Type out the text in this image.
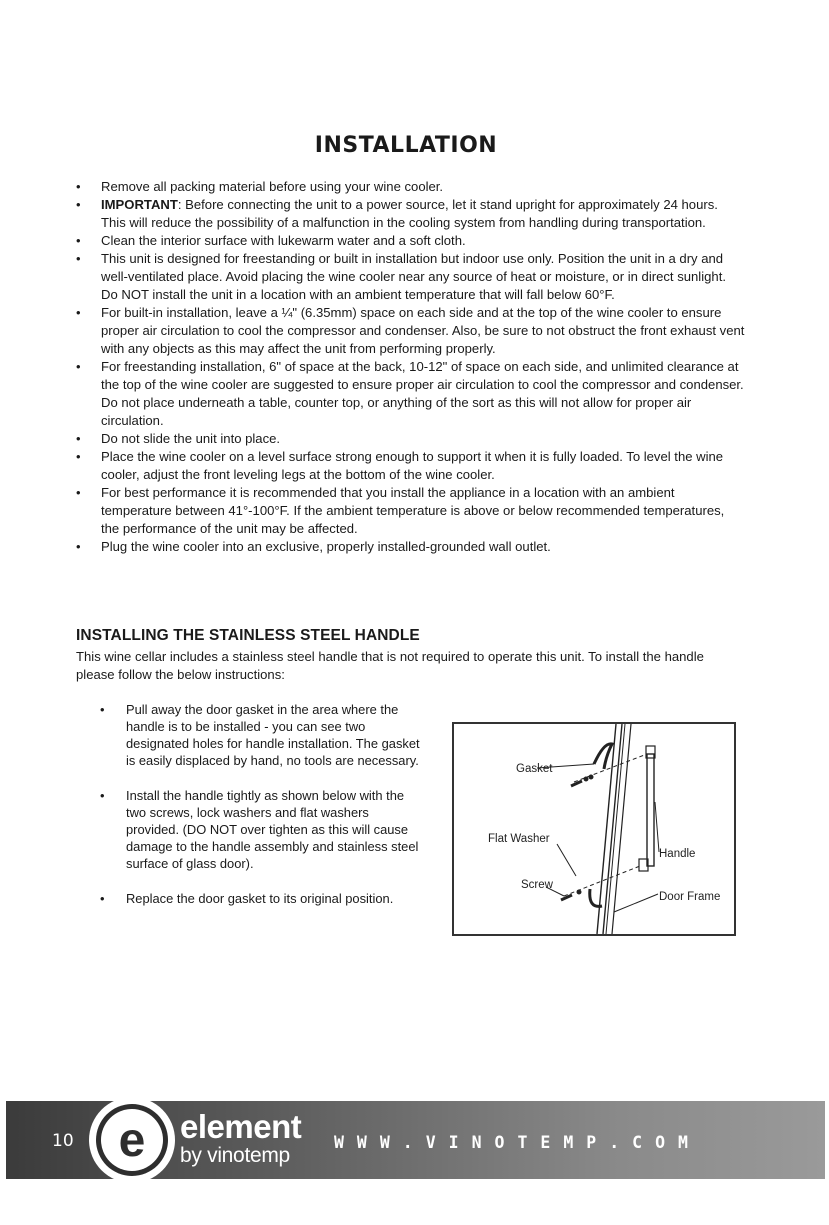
INSTALLATION
• Remove all packing material before using your wine cooler.
• IMPORTANT: Before connecting the unit to a power source, let it stand upright for approximately 24 hours. This will reduce the possibility of a malfunction in the cooling system from handling during transportation.
• Clean the interior surface with lukewarm water and a soft cloth.
• This unit is designed for freestanding or built in installation but indoor use only. Position the unit in a dry and well-ventilated place. Avoid placing the wine cooler near any source of heat or moisture, or in direct sunlight. Do NOT install the unit in a location with an ambient temperature that will fall below 60°F.
• For built-in installation, leave a ¼" (6.35mm) space on each side and at the top of the wine cooler to ensure proper air circulation to cool the compressor and condenser. Also, be sure to not obstruct the front exhaust vent with any objects as this may affect the unit from performing properly.
• For freestanding installation, 6" of space at the back, 10-12" of space on each side, and unlimited clearance at the top of the wine cooler are suggested to ensure proper air circulation to cool the compressor and condenser. Do not place underneath a table, counter top, or anything of the sort as this will not allow for proper air circulation.
• Do not slide the unit into place.
• Place the wine cooler on a level surface strong enough to support it when it is fully loaded. To level the wine cooler, adjust the front leveling legs at the bottom of the wine cooler.
• For best performance it is recommended that you install the appliance in a location with an ambient temperature between 41°-100°F. If the ambient temperature is above or below recommended temperatures, the performance of the unit may be affected.
• Plug the wine cooler into an exclusive, properly installed-grounded wall outlet.
INSTALLING THE STAINLESS STEEL HANDLE

This wine cellar includes a stainless steel handle that is not required to operate this unit. To install the handle please follow the below instructions:

• Pull away the door gasket in the area where the handle is to be installed - you can see two designated holes for handle installation. The gasket is easily displaced by hand, no tools are necessary.
• Install the handle tightly as shown below with the two screws, lock washers and flat washers provided. (DO NOT over tighten as this will cause damage to the handle assembly and stainless steel surface of glass door).
• Replace the door gasket to its original position.
Gasket
Flat Washer
Screw
Handle
Door Frame
10 e element
by vinotemp
WWW.VINOTEMP.COM
